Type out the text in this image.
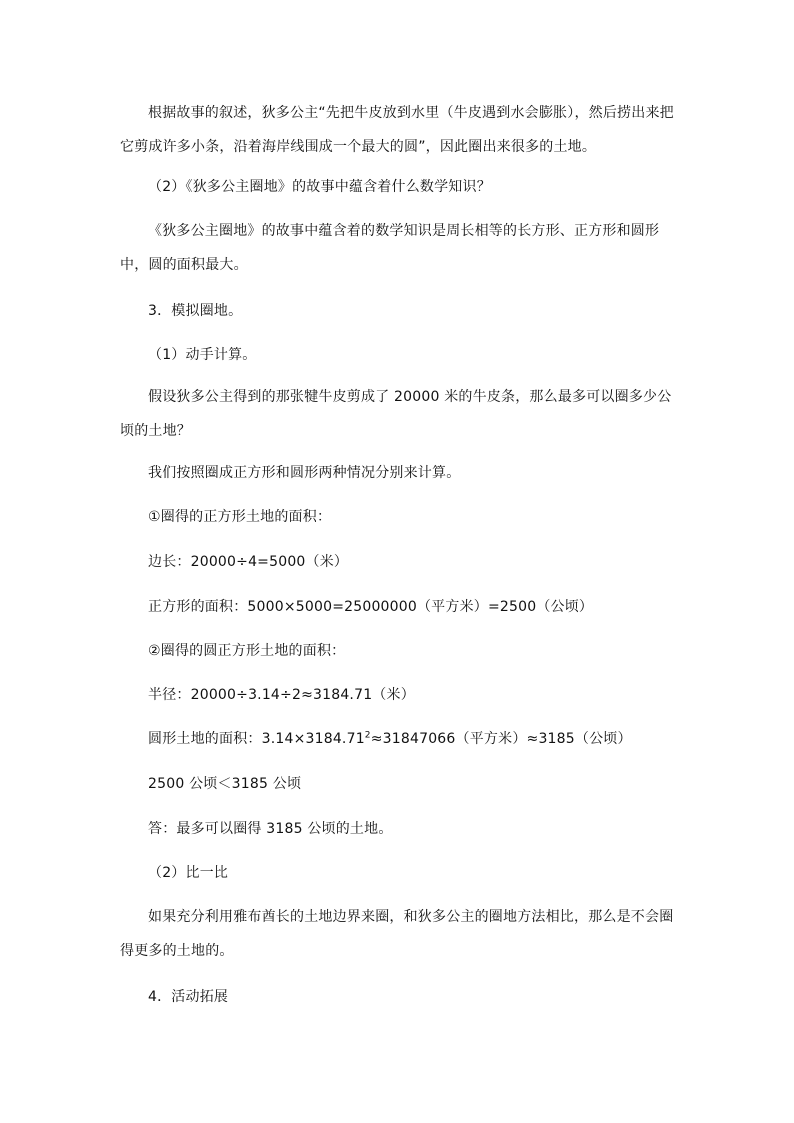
根据故事的叙述，狄多公主“先把牛皮放到水里（牛皮遇到水会膨胀），然后捞出来把它剪成许多小条，沿着海岸线围成一个最大的圆”，因此圈出来很多的土地。
（2）《狄多公主圈地》的故事中蕴含着什么数学知识？
《狄多公主圈地》的故事中蕴含着的数学知识是周长相等的长方形、正方形和圆形中，圆的面积最大。
3．模拟圈地。
（1）动手计算。
假设狄多公主得到的那张犍牛皮剪成了 20000 米的牛皮条，那么最多可以圈多少公顷的土地？
我们按照圈成正方形和圆形两种情况分别来计算。
①圈得的正方形土地的面积：
边长：20000÷4=5000（米）
正方形的面积：5000×5000=25000000（平方米）=2500（公顷）
②圈得的圆正方形土地的面积：
半径：20000÷3.14÷2≈3184.71（米）
圆形土地的面积：$3.14\times 3184.71^2\approx 31847066$（平方米）≈3185（公顷）
2500 公顷＜3185 公顷
答：最多可以圈得 3185 公顷的土地。
（2）比一比
如果充分利用雅布酋长的土地边界来圈，和狄多公主的圈地方法相比，那么是不会圈得更多的土地的。
4．活动拓展
